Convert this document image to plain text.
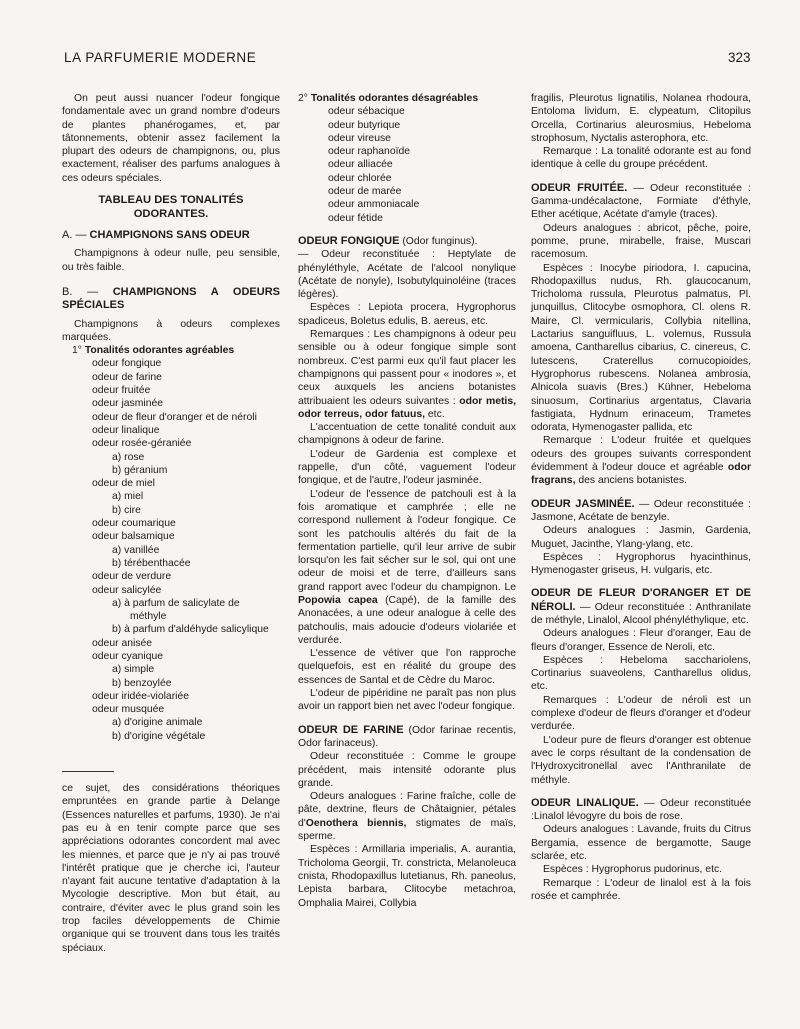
LA PARFUMERIE MODERNE	323

On peut aussi nuancer l'odeur fongique fondamentale avec un grand nombre d'odeurs de plantes phanérogames, et, par tâtonnements, obtenir assez facilement la plupart des odeurs de champignons, ou, plus exactement, réaliser des parfums analogues à ces odeurs spéciales.

TABLEAU DES TONALITÉS ODORANTES.

A. — CHAMPIGNONS SANS ODEUR

Champignons à odeur nulle, peu sensible, ou très faible.

B. — CHAMPIGNONS A ODEURS SPÉCIALES

Champignons à odeurs complexes marquées.

1° Tonalités odorantes agréables

odeur fongique

odeur de farine

odeur fruitée

odeur jasminée

odeur de fleur d'oranger et de néroli

odeur linalique

odeur rosée-géraniée

a) rose

b) géranium

odeur de miel

a) miel

b) cire

odeur coumarique

odeur balsamique

a) vanillée

b) térébenthacée

odeur de verdure

odeur salicylée

a) à parfum de salicylate de

méthyle

b) à parfum d'aldéhyde salicylique

odeur anisée

odeur cyanique

a) simple

b) benzoylée

odeur iridée-violariée

odeur musquée

a) d'origine animale

b) d'origine végétale

ce sujet, des considérations théoriques empruntées en grande partie à Delange (Essences naturelles et parfums, 1930). Je n'ai pas eu à en tenir compte parce que ses appréciations odorantes concordent mal avec les miennes, et parce que je n'y ai pas trouvé l'intérêt pratique que je cherche ici, l'auteur n'ayant fait aucune tentative d'adaptation à la Mycologie descriptive. Mon but était, au contraire, d'éviter avec le plus grand soin les trop faciles développements de Chimie organique qui se trouvent dans tous les traités spéciaux.

2° Tonalités odorantes désagréables

odeur sébacique

odeur butyrique

odeur vireuse

odeur raphanoïde

odeur alliacée

odeur chlorée

odeur de marée

odeur ammoniacale

odeur fétide

ODEUR FONGIQUE (Odor funginus).

— Odeur reconstituée : Heptylate de phényléthyle, Acétate de l'alcool nonylique (Acétate de nonyle), Isobutylquinoléine (traces légères).

Espèces : Lepiota procera, Hygrophorus spadiceus, Boletus edulis, B. aereus, etc.

Remarques : Les champignons à odeur peu sensible ou à odeur fongique simple sont nombreux. C'est parmi eux qu'il faut placer les champignons qui passent pour « inodores », et ceux auxquels les anciens botanistes attribuaient les odeurs suivantes : odor metis, odor terreus, odor fatuus, etc.

L'accentuation de cette tonalité conduit aux champignons à odeur de farine.

L'odeur de Gardenia est complexe et rappelle, d'un côté, vaguement l'odeur fongique, et de l'autre, l'odeur jasminée.

L'odeur de l'essence de patchouli est à la fois aromatique et camphrée ; elle ne correspond nullement à l'odeur fongique. Ce sont les patchoulis altérés du fait de la fermentation partielle, qu'il leur arrive de subir lorsqu'on les fait sécher sur le sol, qui ont une odeur de moisi et de terre, d'ailleurs sans grand rapport avec l'odeur du champignon. Le Popowia capea (Capé), de la famille des Anonacées, a une odeur analogue à celle des patchoulis, mais adoucie d'odeurs violariée et verdurée.

L'essence de vétiver que l'on rapproche quelquefois, est en réalité du groupe des essences de Santal et de Cèdre du Maroc.

L'odeur de pipéridine ne paraît pas non plus avoir un rapport bien net avec l'odeur fongique.

ODEUR DE FARINE (Odor farinae recentis, Odor farinaceus).

Odeur reconstituée : Comme le groupe précédent, mais intensité odorante plus grande.

Odeurs analogues : Farine fraîche, colle de pâte, dextrine, fleurs de Châtaignier, pétales d'Oenothera biennis, stigmates de maïs, sperme.

Espèces : Armillaria imperialis, A. aurantia, Tricholoma Georgii, Tr. constricta, Melanoleuca cnista, Rhodopaxillus lutetianus, Rh. paneolus, Lepista barbara, Clitocybe metachroa, Omphalia Mairei, Collybia

fragilis, Pleurotus lignatilis, Nolanea rhodoura, Entoloma lividum, E. clypeatum, Clitopilus Orcella, Cortinarius aleurosmius, Hebeloma strophosum, Nyctalis asterophora, etc.

Remarque : La tonalité odorante est au fond identique à celle du groupe précédent.

ODEUR FRUITÉE. — Odeur reconstituée : Gamma-undécalactone, Formiate d'éthyle, Ether acétique, Acétate d'amyle (traces).

Odeurs analogues : abricot, pêche, poire, pomme, prune, mirabelle, fraise, Muscari racemosum.

Espèces : Inocybe piriodora, I. capucina, Rhodopaxillus nudus, Rh. glaucocanum, Tricholoma russula, Pleurotus palmatus, Pl. junquillus, Clitocybe osmophora, Cl. olens R. Maire, Cl. vermicularis, Collybia nitellina, Lactarius sanguifluus, L. volemus, Russula amoena, Cantharellus cibarius, C. cinereus, C. lutescens, Craterellus cornucopioides, Hygrophorus rubescens. Nolanea ambrosia, Alnicola suavis (Bres.) Kühner, Hebeloma sinuosum, Cortinarius argentatus, Clavaria fastigiata, Hydnum erinaceum, Trametes odorata, Hymenogaster pallida, etc

Remarque : L'odeur fruitée et quelques odeurs des groupes suivants correspondent évidemment à l'odeur douce et agréable odor fragrans, des anciens botanistes.

ODEUR JASMINÉE. — Odeur reconstituée : Jasmone, Acétate de benzyle.

Odeurs analogues : Jasmin, Gardenia, Muguet, Jacinthe, Ylang-ylang, etc.

Espèces : Hygrophorus hyacinthinus, Hymenogaster griseus, H. vulgaris, etc.

ODEUR DE FLEUR D'ORANGER ET DE NÉROLI. — Odeur reconstituée : Anthranilate de méthyle, Linalol, Alcool phényléthylique, etc.

Odeurs analogues : Fleur d'oranger, Eau de fleurs d'oranger, Essence de Neroli, etc.

Espèces : Hebeloma sacchariolens, Cortinarius suaveolens, Cantharellus olidus, etc.

Remarques : L'odeur de néroli est un complexe d'odeur de fleurs d'oranger et d'odeur verdurée.

L'odeur pure de fleurs d'oranger est obtenue avec le corps résultant de la condensation de l'Hydroxycitronellal avec l'Anthranilate de méthyle.

ODEUR LINALIQUE. — Odeur reconstituée :Linalol lévogyre du bois de rose.

Odeurs analogues : Lavande, fruits du Citrus Bergamia, essence de bergamotte, Sauge sclarée, etc.

Espèces : Hygrophorus pudorinus, etc.

Remarque : L'odeur de linalol est à la fois rosée et camphrée.
